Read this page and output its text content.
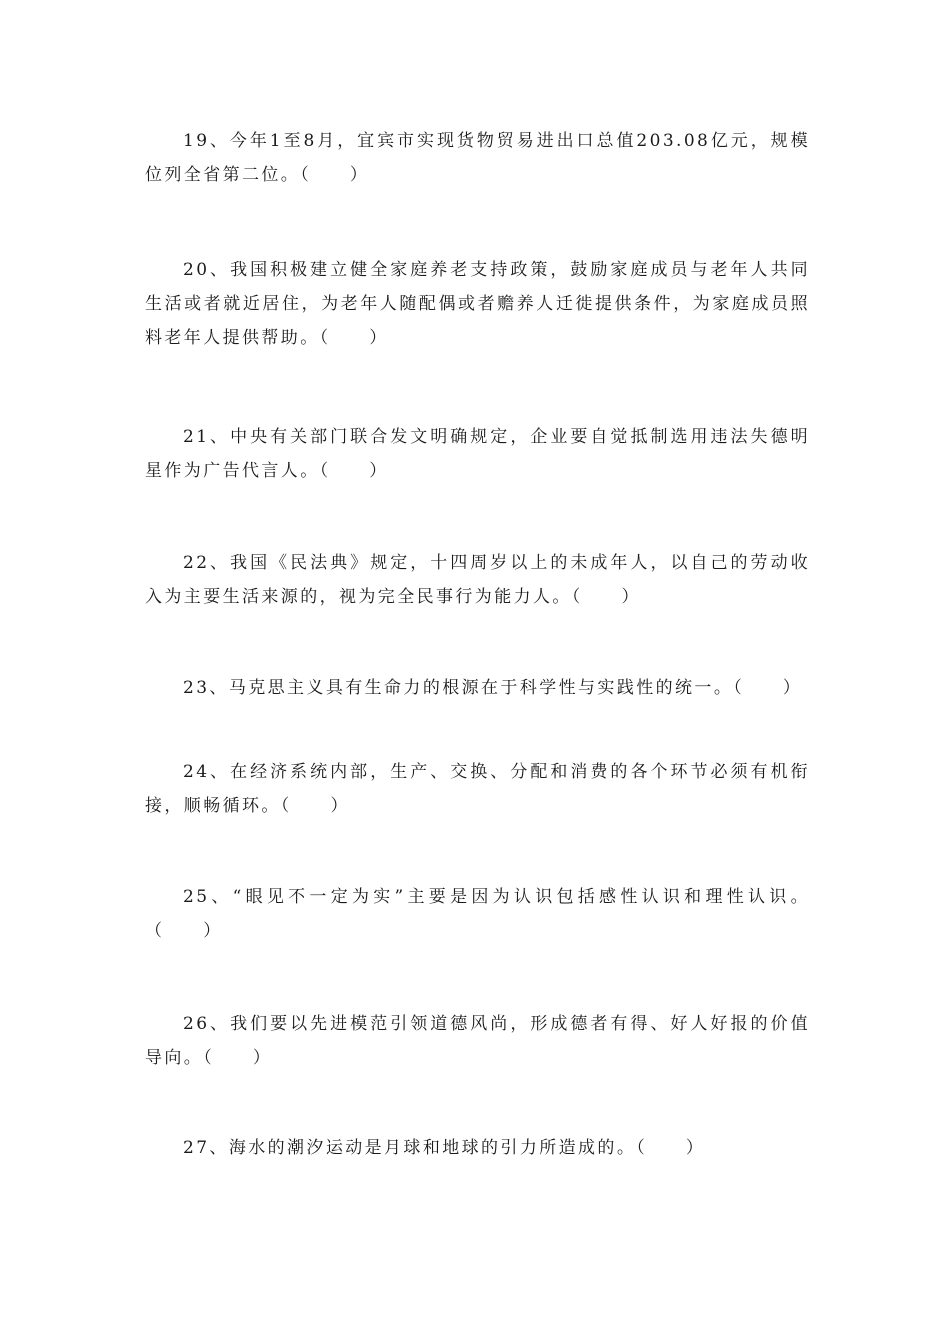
19、今年1至8月，宜宾市实现货物贸易进出口总值203.08亿元，规模位列全省第二位。（　　）

20、我国积极建立健全家庭养老支持政策，鼓励家庭成员与老年人共同生活或者就近居住，为老年人随配偶或者赡养人迁徙提供条件，为家庭成员照料老年人提供帮助。（　　）

21、中央有关部门联合发文明确规定，企业要自觉抵制选用违法失德明星作为广告代言人。（　　）

22、我国《民法典》规定，十四周岁以上的未成年人，以自己的劳动收入为主要生活来源的，视为完全民事行为能力人。（　　）

23、马克思主义具有生命力的根源在于科学性与实践性的统一。（　　）

24、在经济系统内部，生产、交换、分配和消费的各个环节必须有机衔接，顺畅循环。（　　）

25、“眼见不一定为实”主要是因为认识包括感性认识和理性认识。（　　）

26、我们要以先进模范引领道德风尚，形成德者有得、好人好报的价值导向。（　　）

27、海水的潮汐运动是月球和地球的引力所造成的。（　　）
